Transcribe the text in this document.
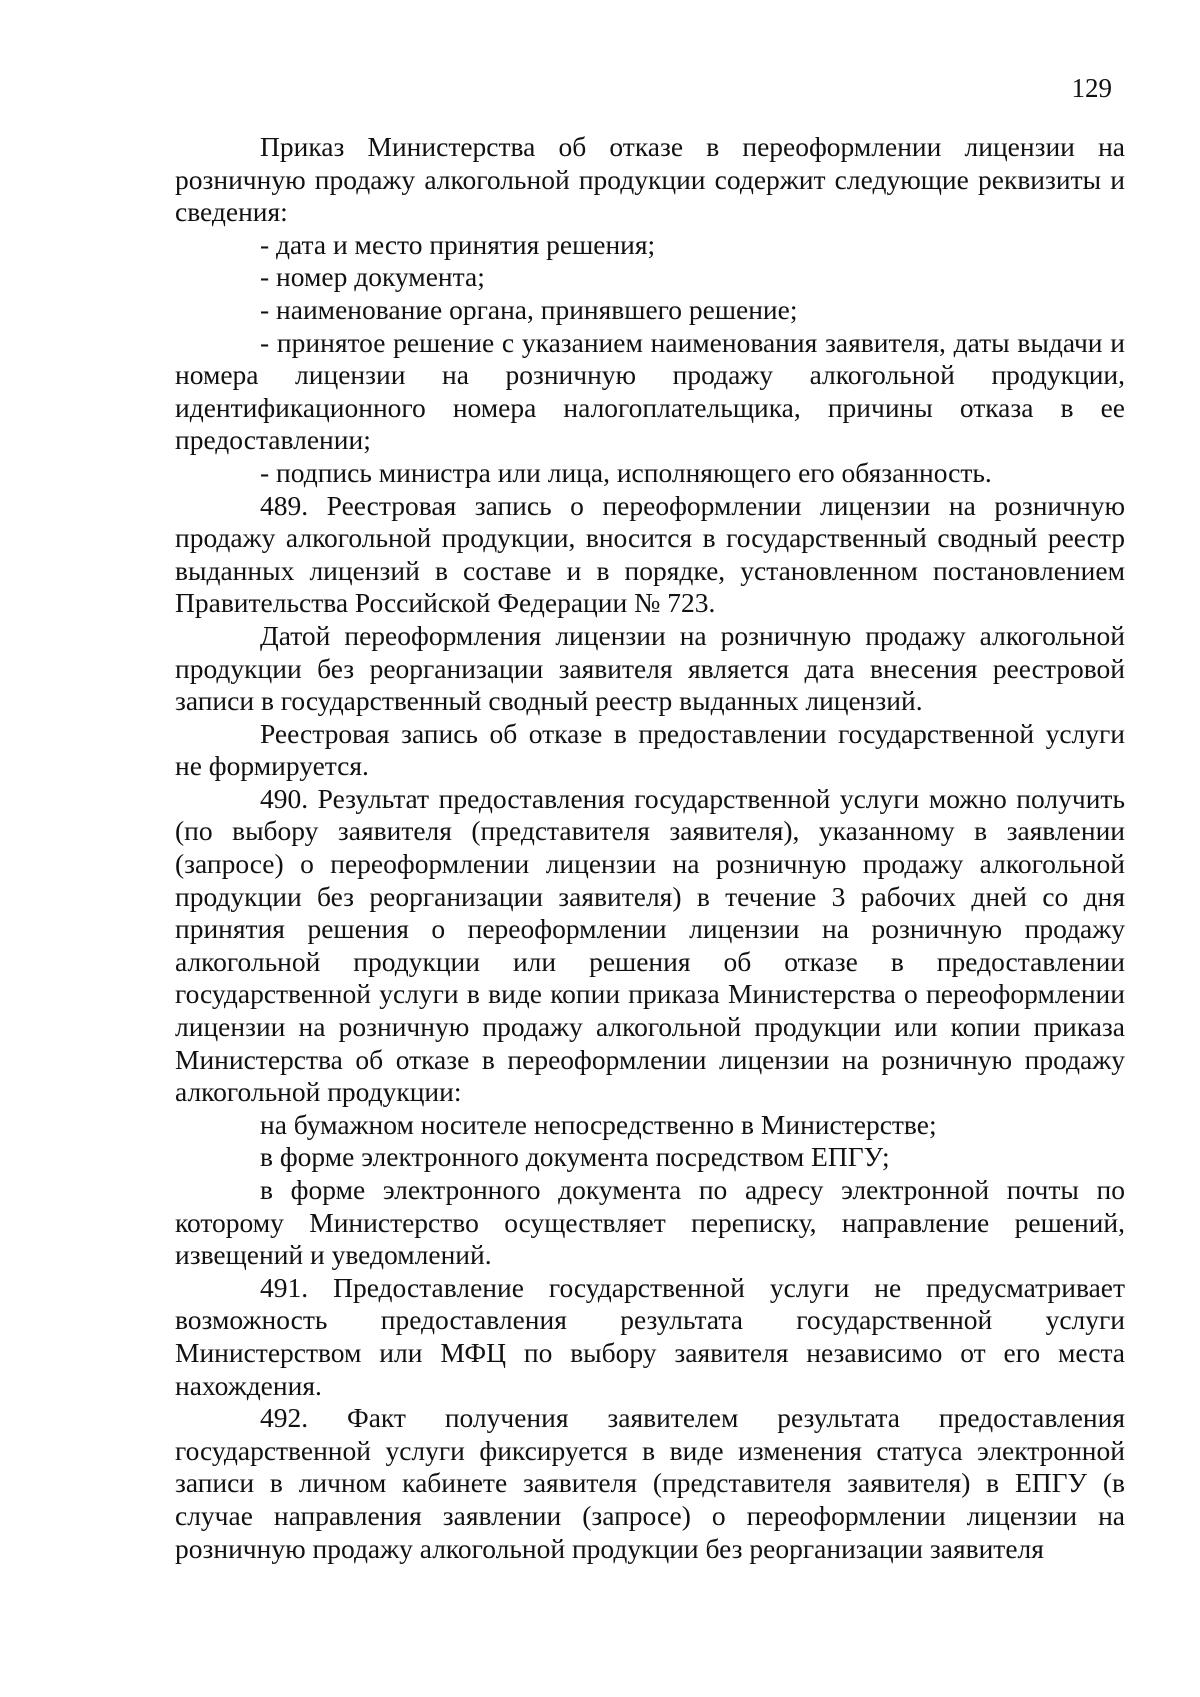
129

Приказ Министерства об отказе в переоформлении лицензии на розничную продажу алкогольной продукции содержит следующие реквизиты и сведения:

- дата и место принятия решения;

- номер документа;

- наименование органа, принявшего решение;

- принятое решение с указанием наименования заявителя, даты выдачи и номера лицензии на розничную продажу алкогольной продукции, идентификационного номера налогоплательщика, причины отказа в ее предоставлении;

- подпись министра или лица, исполняющего его обязанность.

489. Реестровая запись о переоформлении лицензии на розничную продажу алкогольной продукции, вносится в государственный сводный реестр выданных лицензий в составе и в порядке, установленном постановлением Правительства Российской Федерации № 723.

Датой переоформления лицензии на розничную продажу алкогольной продукции без реорганизации заявителя является дата внесения реестровой записи в государственный сводный реестр выданных лицензий.

Реестровая запись об отказе в предоставлении государственной услуги не формируется.

490. Результат предоставления государственной услуги можно получить (по выбору заявителя (представителя заявителя), указанному в заявлении (запросе) о переоформлении лицензии на розничную продажу алкогольной продукции без реорганизации заявителя) в течение 3 рабочих дней со дня принятия решения о переоформлении лицензии на розничную продажу алкогольной продукции или решения об отказе в предоставлении государственной услуги в виде копии приказа Министерства о переоформлении лицензии на розничную продажу алкогольной продукции или копии приказа Министерства об отказе в переоформлении лицензии на розничную продажу алкогольной продукции:

на бумажном носителе непосредственно в Министерстве;

в форме электронного документа посредством ЕПГУ;

в форме электронного документа по адресу электронной почты по которому Министерство осуществляет переписку, направление решений, извещений и уведомлений.

491. Предоставление государственной услуги не предусматривает возможность предоставления результата государственной услуги Министерством или МФЦ по выбору заявителя независимо от его места нахождения.

492. Факт получения заявителем результата предоставления государственной услуги фиксируется в виде изменения статуса электронной записи в личном кабинете заявителя (представителя заявителя) в ЕПГУ (в случае направления заявлении (запросе) о переоформлении лицензии на розничную продажу алкогольной продукции без реорганизации заявителя
